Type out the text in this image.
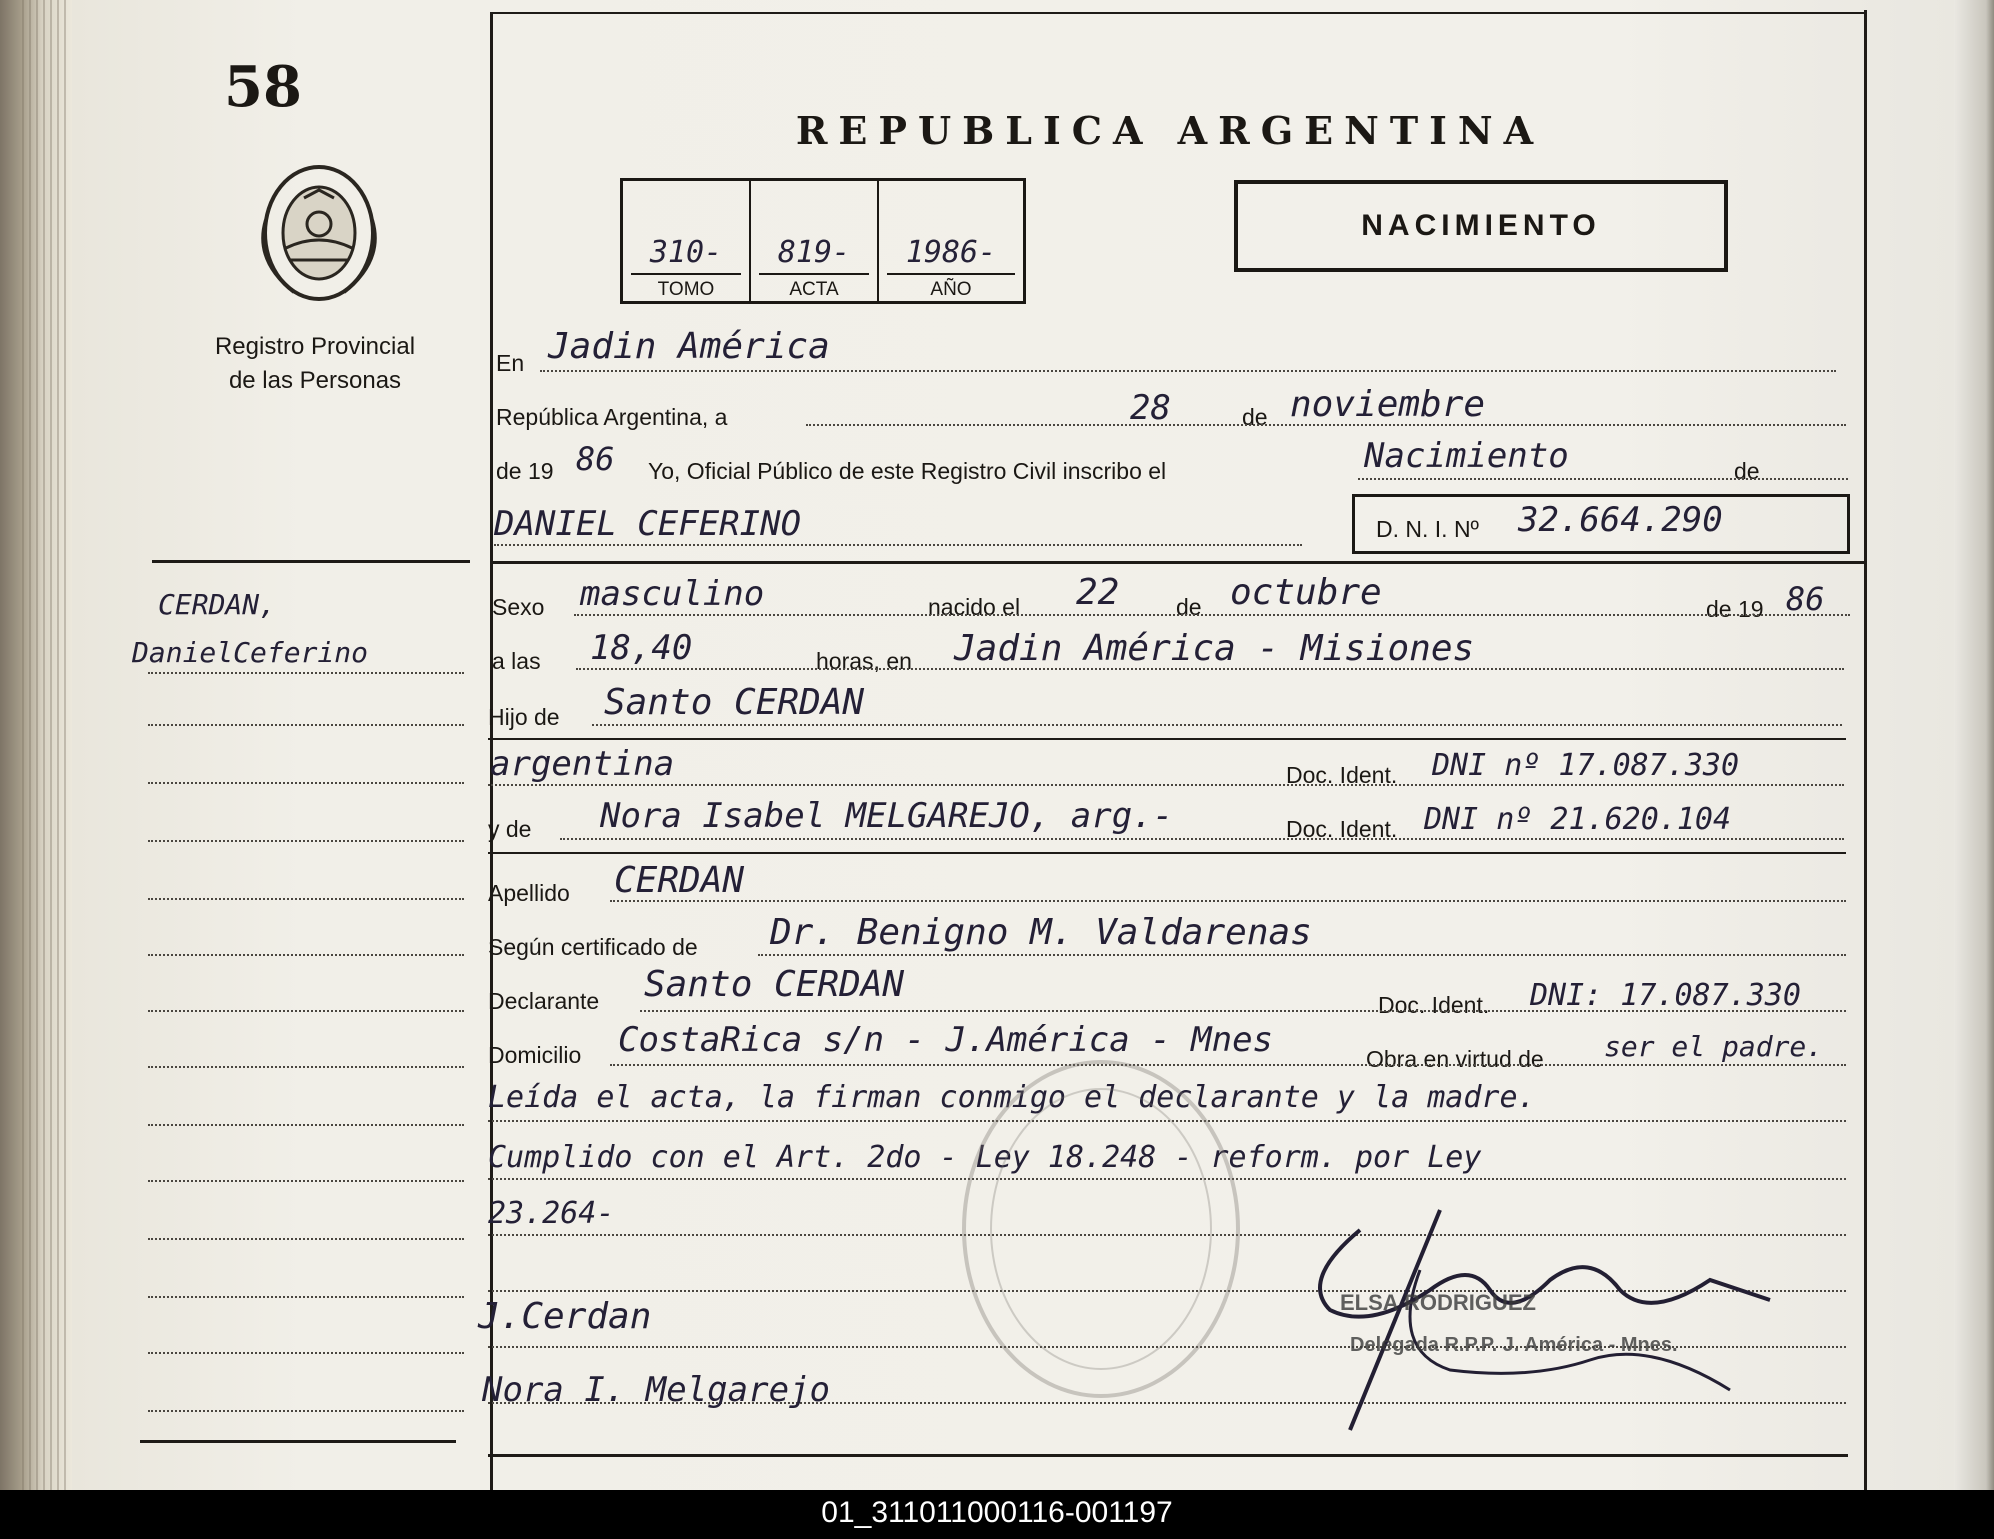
58
Registro Provincial
de las Personas
REPUBLICA ARGENTINA
310-
TOMO
819-
ACTA
1986-
AÑO
NACIMIENTO
CERDAN,
DanielCeferino
En Jadin América
República Argentina, a	28	de noviembre
de 19 86 Yo, Oficial Público de este Registro Civil inscribo el	Nacimiento	de
DANIEL CEFERINO	D. N. I. Nº 32.664.290
Sexo masculino	nacido el 22 de octubre	de 19 86
a las 18,40	horas, en Jadin América - Misiones
Hijo de Santo CERDAN
argentina	Doc. Ident. DNI nº 17.087.330
y de Nora Isabel MELGAREJO, arg.-	Doc. Ident. DNI nº 21.620.104
Apellido CERDAN
Según certificado de Dr. Benigno M. Valdarenas
Declarante Santo CERDAN	Doc. Ident. DNI: 17.087.330
Domicilio CostaRica s/n - J.América - Mnes	Obra en virtud de ser el padre.
Leída el acta, la firman conmigo el declarante y la madre.
Cumplido con el Art. 2do - Ley 18.248 - reform. por Ley
23.264-
J.Cerdan
Nora I. Melgarejo
ELSA RODRIGUEZ
Delegada R.P.P. J. América - Mnes.
01_311011000116-001197
